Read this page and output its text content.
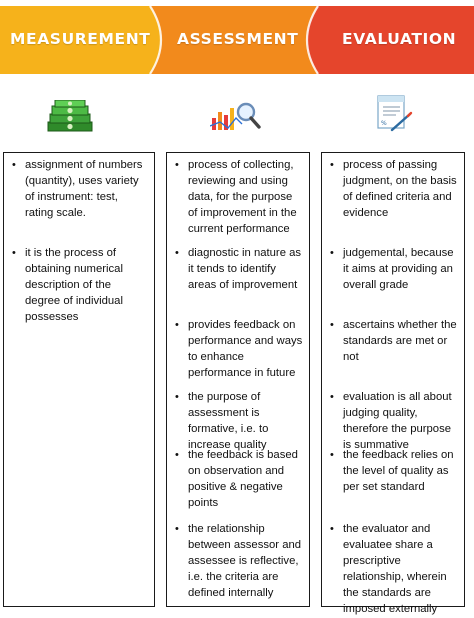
MEASUREMENT ASSESSMENT	EVALUATION
%
• assignment of numbers (quantity), uses variety of instrument: test, rating scale.
• it is the process of obtaining numerical description of the degree of individual possesses
• process of collecting, reviewing and using data, for the purpose of improvement in the current performance
• diagnostic in nature as it tends to identify areas of improvement
• provides feedback on performance and ways to enhance performance in future
• the purpose of assessment is formative, i.e. to increase quality
• the feedback is based on observation and positive & negative points
• the relationship between assessor and assessee is reflective, i.e. the criteria are defined internally
• process of passing judgment, on the basis of defined criteria and evidence
• judgemental, because it aims at providing an overall grade
• ascertains whether the standards are met or not
• evaluation is all about judging quality, therefore the purpose is summative
• the feedback relies on the level of quality as per set standard
• the evaluator and evaluatee share a prescriptive relationship, wherein the standards are imposed externally
